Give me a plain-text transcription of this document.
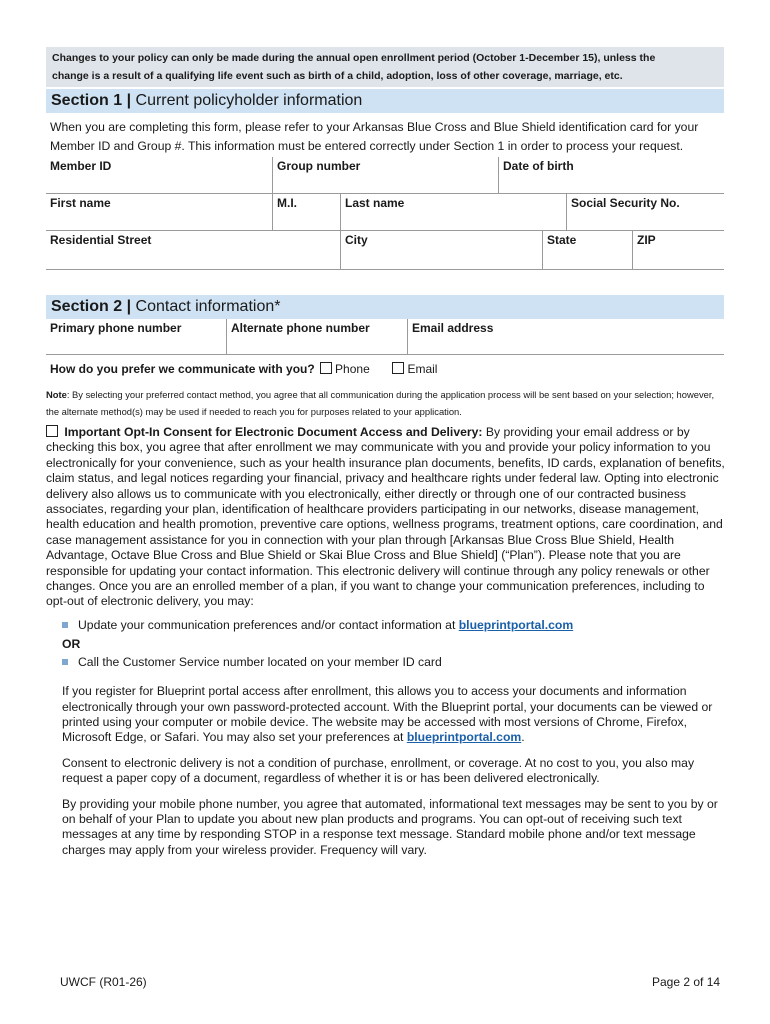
Changes to your policy can only be made during the annual open enrollment period (October 1-December 15), unless the
change is a result of a qualifying life event such as birth of a child, adoption, loss of other coverage, marriage, etc.
Section 1 | Current policyholder information
When you are completing this form, please refer to your Arkansas Blue Cross and Blue Shield identification card for your Member ID and Group #. This information must be entered correctly under Section 1 in order to process your request.
Member ID	Group number	Date of birth
First name	M.I.	Last name	Social Security No.
Residential Street	City	State	ZIP
Section 2 | Contact information*
Primary phone number	Alternate phone number	Email address
How do you prefer we communicate with you? Phone	Email
Note: By selecting your preferred contact method, you agree that all communication during the application process will be sent based on your selection; however, the alternate method(s) may be used if needed to reach you for purposes related to your application.

Important Opt-In Consent for Electronic Document Access and Delivery: By providing your email address or by checking this box, you agree that after enrollment we may communicate with you and provide your policy information to you electronically for your convenience, such as your health insurance plan documents, benefits, ID cards, explanation of benefits, claim status, and legal notices regarding your financial, privacy and healthcare rights under federal law. Opting into electronic delivery also allows us to communicate with you electronically, either directly or through one of our contracted business associates, regarding your plan, identification of healthcare providers participating in our networks, disease management, health education and health promotion, preventive care options, wellness programs, treatment options, care coordination, and case management assistance for you in connection with your plan through [Arkansas Blue Cross Blue Shield, Health Advantage, Octave Blue Cross and Blue Shield or Skai Blue Cross and Blue Shield] (“Plan”). Please note that you are responsible for updating your contact information. This electronic delivery will continue through any policy renewals or other changes. Once you are an enrolled member of a plan, if you want to change your communication preferences, including to opt-out of electronic delivery, you may:

Update your communication preferences and/or contact information at blueprintportal.com
OR
Call the Customer Service number located on your member ID card

If you register for Blueprint portal access after enrollment, this allows you to access your documents and information electronically through your own password-protected account. With the Blueprint portal, your documents can be viewed or printed using your computer or mobile device. The website may be accessed with most versions of Chrome, Firefox, Microsoft Edge, or Safari. You may also set your preferences at blueprintportal.com.

Consent to electronic delivery is not a condition of purchase, enrollment, or coverage. At no cost to you, you also may request a paper copy of a document, regardless of whether it is or has been delivered electronically.

By providing your mobile phone number, you agree that automated, informational text messages may be sent to you by or on behalf of your Plan to update you about new plan products and programs. You can opt-out of receiving such text messages at any time by responding STOP in a response text message. Standard mobile phone and/or text message charges may apply from your wireless provider. Frequency will vary.

UWCF (R01-26)	Page 2 of 14
